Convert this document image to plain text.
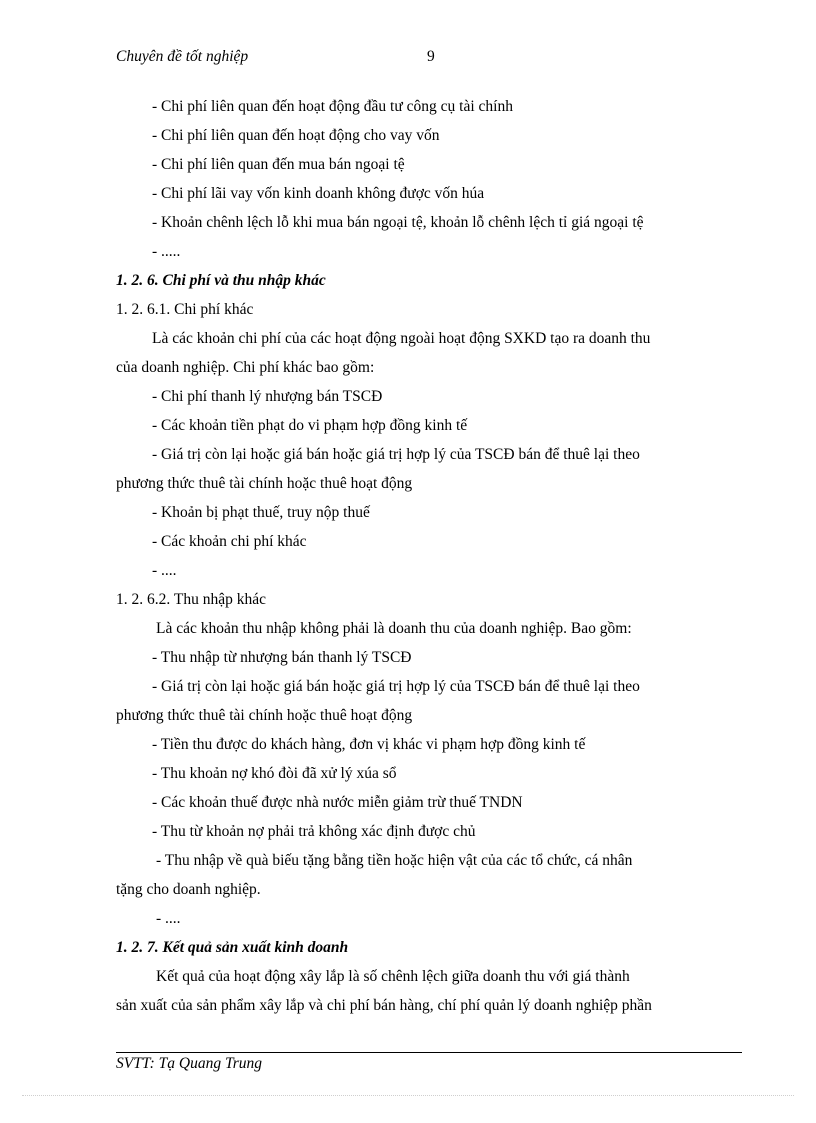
Chuyên đề tốt nghiệp	9
- Chi phí liên quan đến hoạt động đầu tư công cụ tài chính
- Chi phí liên quan đến hoạt động cho vay vốn
- Chi phí liên quan đến mua bán ngoại tệ
- Chi phí lãi vay vốn kinh doanh không được vốn húa
- Khoản chênh lệch lỗ khi mua bán ngoại tệ, khoản lỗ chênh lệch tỉ giá ngoại tệ
- .....
1. 2. 6. Chi phí và thu nhập khác
1. 2. 6.1. Chi phí khác
Là các khoản chi phí của các hoạt động ngoài hoạt động SXKD tạo ra doanh thu
của doanh nghiệp. Chi phí khác bao gồm:
- Chi phí thanh lý nhượng bán TSCĐ
- Các khoản tiền phạt do vi phạm hợp đồng kinh tế
- Giá trị còn lại hoặc giá bán hoặc giá trị hợp lý của TSCĐ bán để thuê lại theo
phương thức thuê tài chính hoặc thuê hoạt động
- Khoản bị phạt thuế, truy nộp thuế
- Các khoản chi phí khác
- ....
1. 2. 6.2. Thu nhập khác
Là các khoản thu nhập không phải là doanh thu của doanh nghiệp. Bao gồm:
- Thu nhập từ nhượng bán thanh lý TSCĐ
- Giá trị còn lại hoặc giá bán hoặc giá trị hợp lý của TSCĐ bán để thuê lại theo
phương thức thuê tài chính hoặc thuê hoạt động
- Tiền thu được do khách hàng, đơn vị khác vi phạm hợp đồng kinh tế
- Thu khoản nợ khó đòi đã xử lý xúa sổ
- Các khoản thuế được nhà nước miễn giảm trừ thuế TNDN
- Thu từ khoản nợ phải trả không xác định được chủ
- Thu nhập về quà biếu tặng bằng tiền hoặc hiện vật của các tổ chức, cá nhân
tặng cho doanh nghiệp.
- ....
1. 2. 7. Kết quả sản xuất kinh doanh
Kết quả của hoạt động xây lắp là số chênh lệch giữa doanh thu với giá thành
sản xuất của sản phẩm xây lắp và chi phí bán hàng, chí phí quản lý doanh nghiệp phần
SVTT: Tạ Quang Trung
